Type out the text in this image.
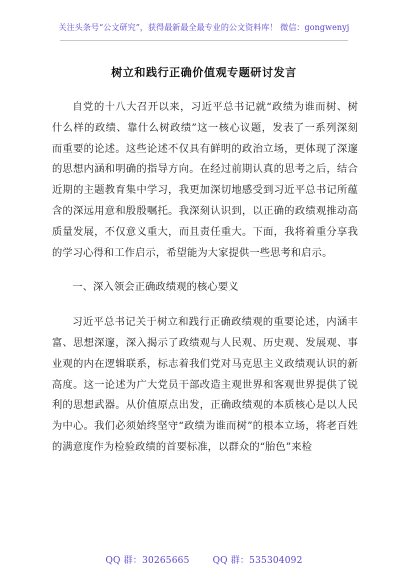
关注头条号“公文研究”，获得最新最全最专业的公文资料库！ 微信：gongwenyj
树立和践行正确价值观专题研讨发言

自党的十八大召开以来，习近平总书记就“政绩为谁而树、树什么样的政绩、靠什么树政绩”这一核心议题，发表了一系列深刻而重要的论述。这些论述不仅具有鲜明的政治立场，更体现了深邃的思想内涵和明确的指导方向。在经过前期认真的思考之后，结合近期的主题教育集中学习，我更加深切地感受到习近平总书记所蕴含的深远用意和殷殷嘱托。我深刻认识到，以正确的政绩观推动高质量发展，不仅意义重大，而且责任重大。下面，我将着重分享我的学习心得和工作启示，希望能为大家提供一些思考和启示。

一、深入领会正确政绩观的核心要义

习近平总书记关于树立和践行正确政绩观的重要论述，内涵丰富、思想深邃，深入揭示了政绩观与人民观、历史观、发展观、事业观的内在逻辑联系，标志着我们党对马克思主义政绩观认识的新高度。这一论述为广大党员干部改造主观世界和客观世界提供了锐利的思想武器。从价值原点出发，正确政绩观的本质核心是以人民为中心。我们必须始终坚守“政绩为谁而树”的根本立场，将老百姓的满意度作为检验政绩的首要标准，以群众的“胎色”来检

QQ 群：30265665	QQ 群：535304092
